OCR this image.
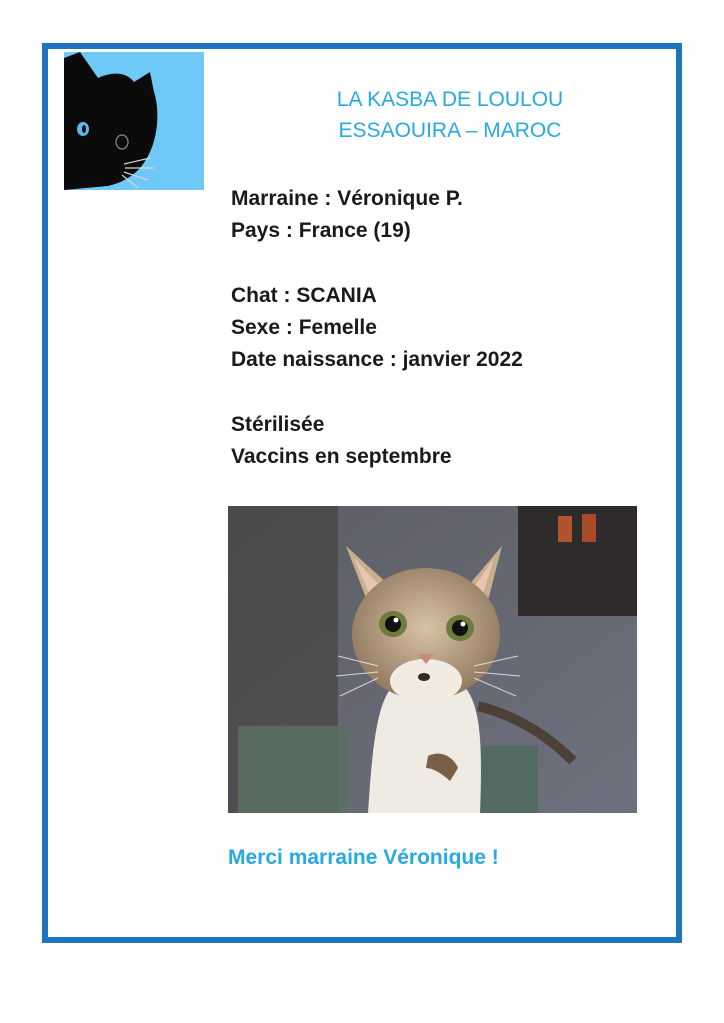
LA KASBA DE LOULOU
ESSAOUIRA – MAROC
Marraine : Véronique P.
Pays : France (19)
Chat : SCANIA
Sexe : Femelle
Date naissance : janvier 2022
Stérilisée
Vaccins en septembre
Merci marraine Véronique !
